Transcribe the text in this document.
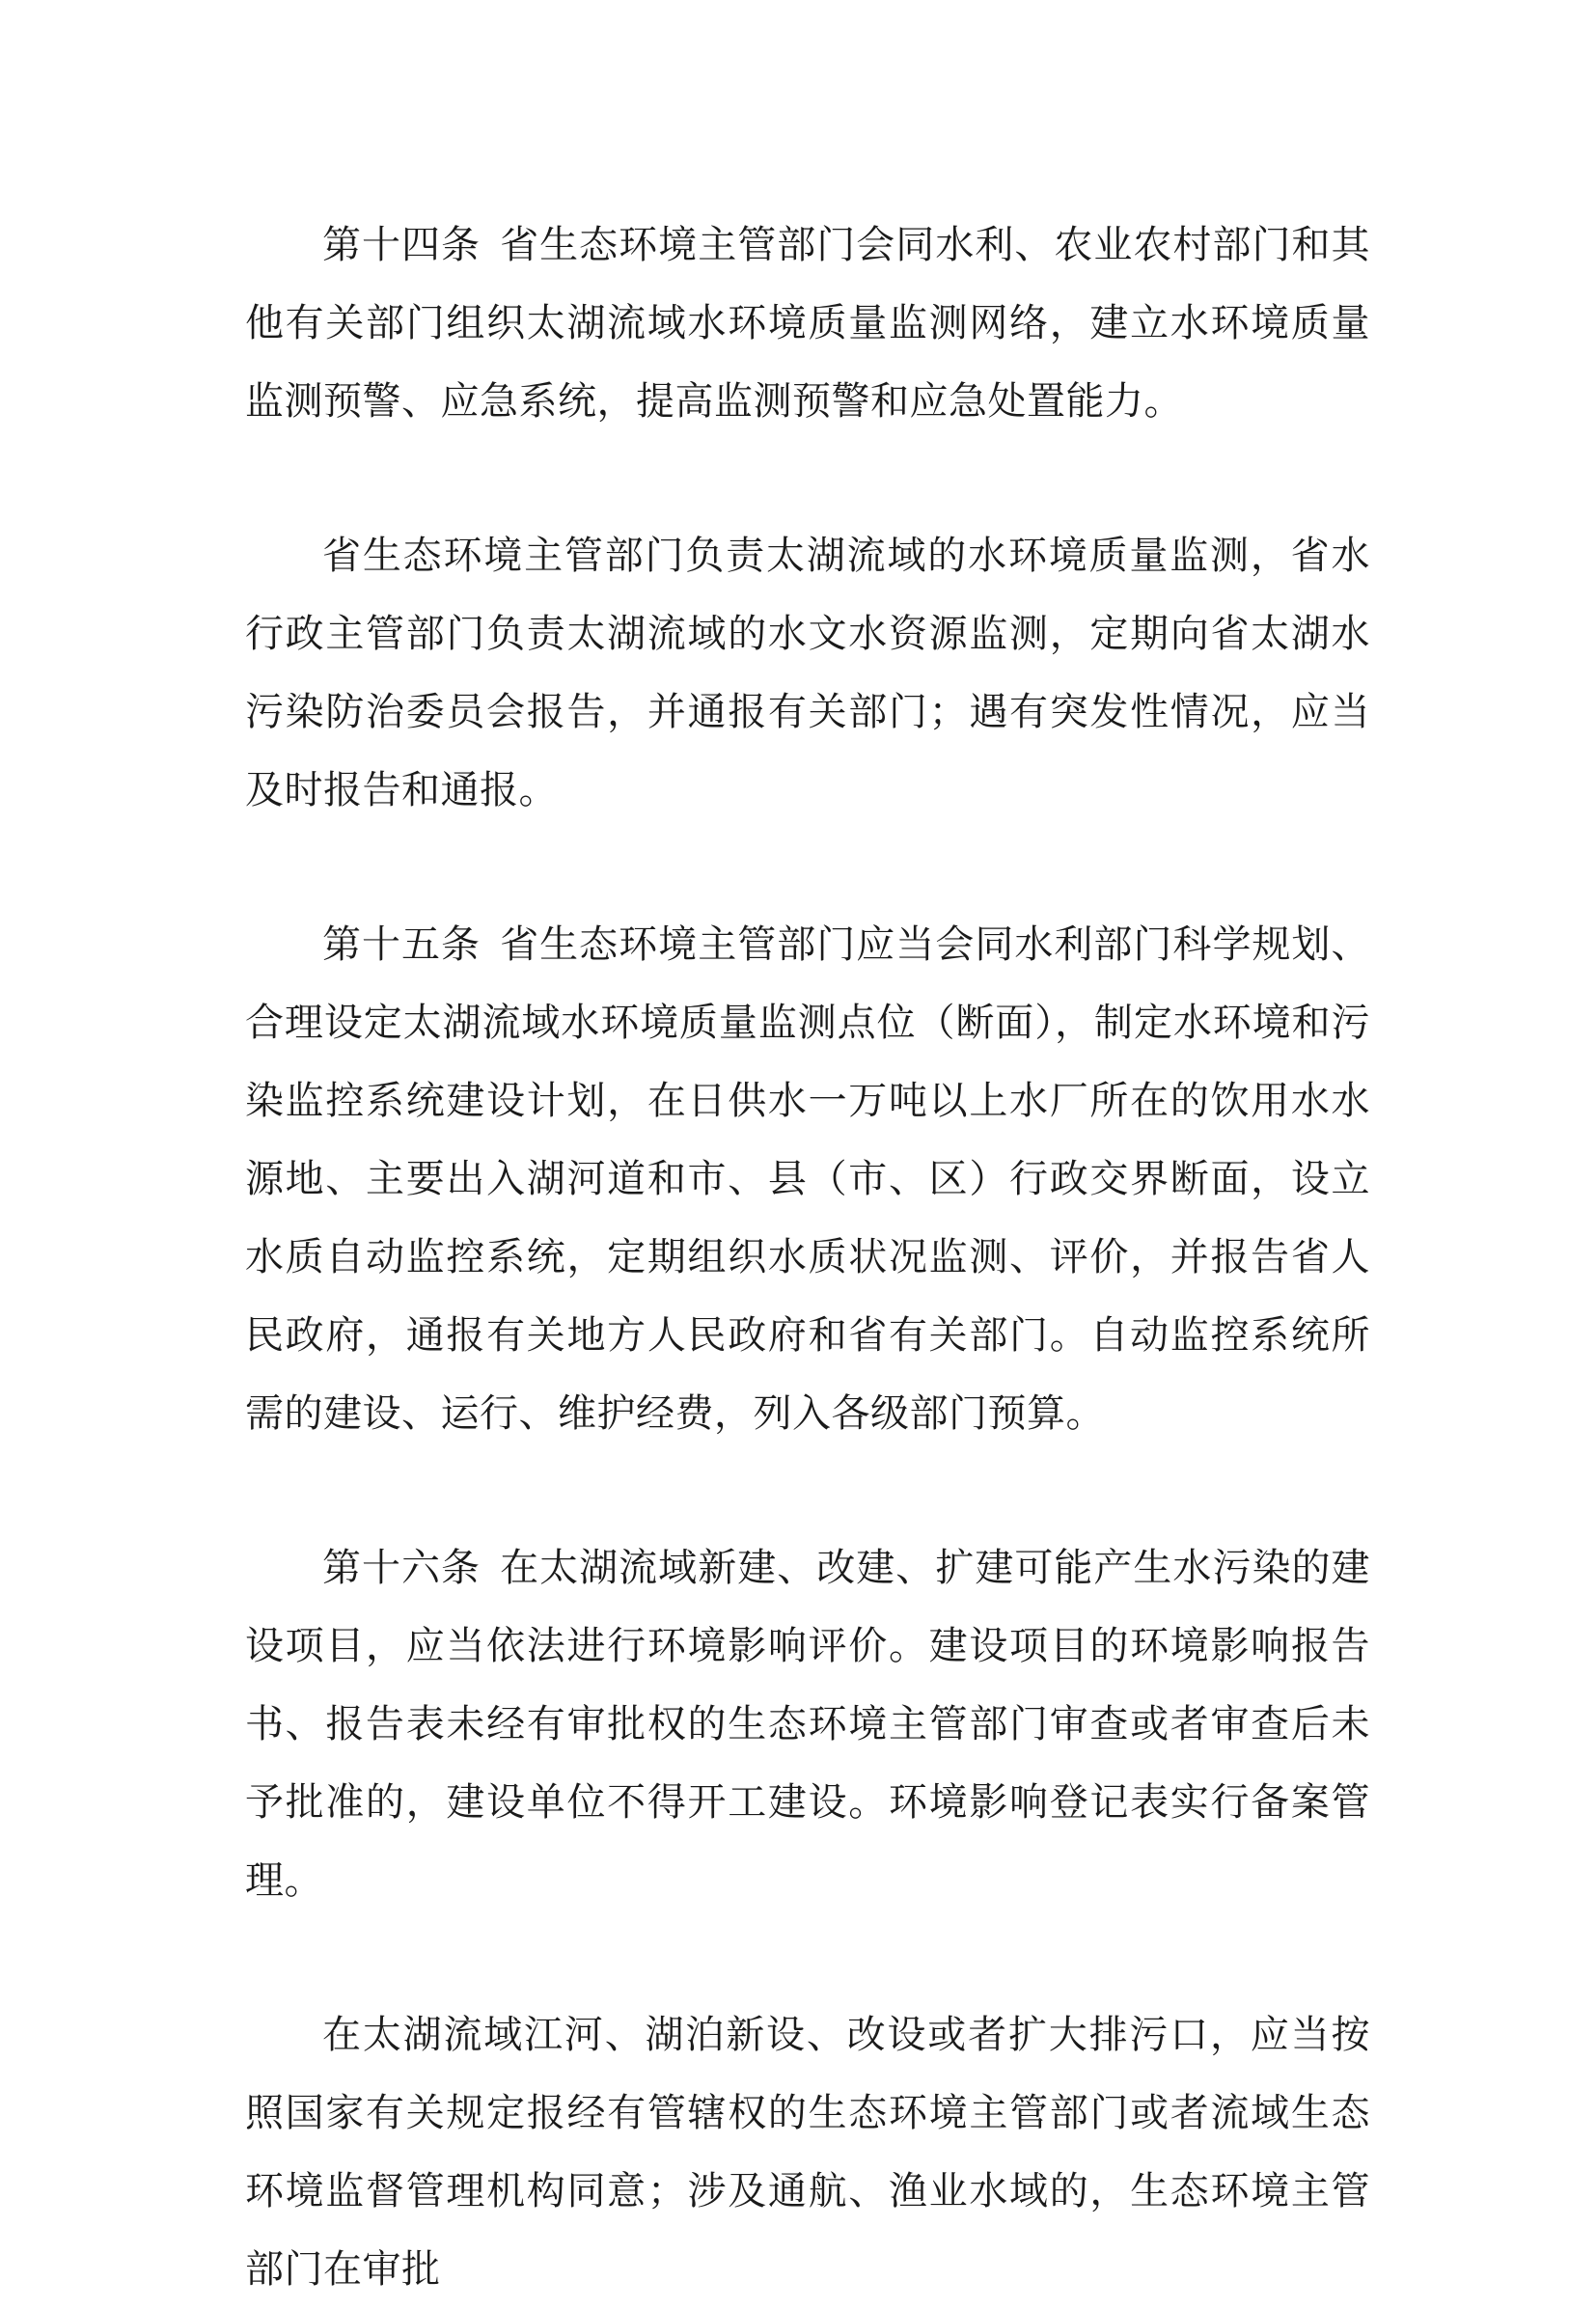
第十四条 省生态环境主管部门会同水利、农业农村部门和其他有关部门组织太湖流域水环境质量监测网络，建立水环境质量监测预警、应急系统，提高监测预警和应急处置能力。

省生态环境主管部门负责太湖流域的水环境质量监测，省水行政主管部门负责太湖流域的水文水资源监测，定期向省太湖水污染防治委员会报告，并通报有关部门；遇有突发性情况，应当及时报告和通报。

第十五条 省生态环境主管部门应当会同水利部门科学规划、合理设定太湖流域水环境质量监测点位（断面），制定水环境和污染监控系统建设计划，在日供水一万吨以上水厂所在的饮用水水源地、主要出入湖河道和市、县（市、区）行政交界断面，设立水质自动监控系统，定期组织水质状况监测、评价，并报告省人民政府，通报有关地方人民政府和省有关部门。自动监控系统所需的建设、运行、维护经费，列入各级部门预算。

第十六条 在太湖流域新建、改建、扩建可能产生水污染的建设项目，应当依法进行环境影响评价。建设项目的环境影响报告书、报告表未经有审批权的生态环境主管部门审查或者审查后未予批准的，建设单位不得开工建设。环境影响登记表实行备案管理。

在太湖流域江河、湖泊新设、改设或者扩大排污口，应当按照国家有关规定报经有管辖权的生态环境主管部门或者流域生态环境监督管理机构同意；涉及通航、渔业水域的，生态环境主管部门在审批
